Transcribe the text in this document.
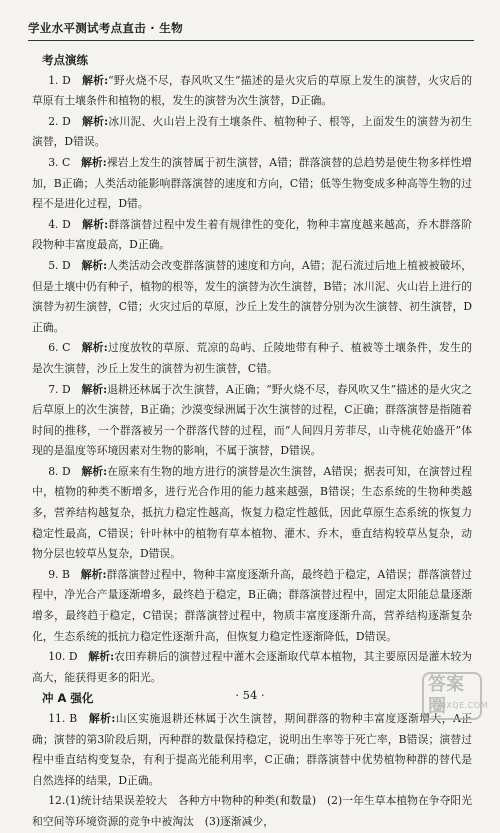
学业水平测试考点直击 · 生物
考点演练

1. D　 解析:“野火烧不尽，春风吹又生”描述的是火灾后的草原上发生的演替，火灾后的草原有土壤条件和植物的根，发生的演替为次生演替，D正确。

2. D　 解析:冰川泥、火山岩上没有土壤条件、植物种子、根等，上面发生的演替为初生演替，D错误。

3. C　 解析:裸岩上发生的演替属于初生演替，A错；群落演替的总趋势是使生物多样性增加，B正确；人类活动能影响群落演替的速度和方向，C错；低等生物变成多种高等生物的过程不是进化过程，D错。

4. D　 解析:群落演替过程中发生着有规律性的变化，物种丰富度越来越高，乔木群落阶段物种丰富度最高，D正确。

5. D　 解析:人类活动会改变群落演替的速度和方向，A错；泥石流过后地上植被被破坏，但是土壤中仍有种子，植物的根等，发生的演替为次生演替，B错；冰川泥、火山岩上进行的演替为初生演替，C错；火灾过后的草原，沙丘上发生的演替分别为次生演替、初生演替，D正确。

6. C　 解析:过度放牧的草原、荒凉的岛屿、丘陵地带有种子、植被等土壤条件，发生的是次生演替，沙丘上发生的演替为初生演替，C错。

7. D　 解析:退耕还林属于次生演替，A正确；“野火烧不尽，春风吹又生”描述的是火灾之后草原上的次生演替，B正确；沙漠变绿洲属于次生演替的过程，C正确；群落演替是指随着时间的推移，一个群落被另一个群落代替的过程，而“人间四月芳菲尽，山寺桃花始盛开”体现的是温度等环境因素对生物的影响，不属于演替，D错误。

8. D　 解析:在原来有生物的地方进行的演替是次生演替，A错误；据表可知，在演替过程中，植物的种类不断增多，进行光合作用的能力越来越强，B错误；生态系统的生物种类越多，营养结构越复杂，抵抗力稳定性越高，恢复力稳定性越低，因此草原生态系统的恢复力稳定性最高，C错误；针叶林中的植物有草本植物、灌木、乔木，垂直结构较草丛复杂，动物分层也较草丛复杂，D错误。

9. B　 解析:群落演替过程中，物种丰富度逐渐升高，最终趋于稳定，A错误；群落演替过程中，净光合产量逐渐增多，最终趋于稳定，B正确；群落演替过程中，固定太阳能总量逐渐增多，最终趋于稳定，C错误；群落演替过程中，物质丰富度逐渐升高，营养结构逐渐复杂化，生态系统的抵抗力稳定性逐渐升高，但恢复力稳定性逐渐降低，D错误。

10. D　 解析:农田弃耕后的演替过程中灌木会逐渐取代草本植物，其主要原因是灌木较为高大，能获得更多的阳光。

冲 A 强化

11. B　 解析:山区实施退耕还林属于次生演替，期间群落的物种丰富度逐渐增大，A正确；演替的第3阶段后期，丙种群的数量保持稳定，说明出生率等于死亡率，B错误；演替过程中垂直结构变复杂，有利于提高光能利用率，C正确；群落演替中优势植物种群的替代是自然选择的结果，D正确。

12.(1)统计结果误差较大　各种方中物种的种类(和数量)　(2)一年生草本植物在争夺阳光和空间等环境资源的竞争中被淘汰　(3)逐渐减少，

· 54 ·	答案圈
MXQE.COM
